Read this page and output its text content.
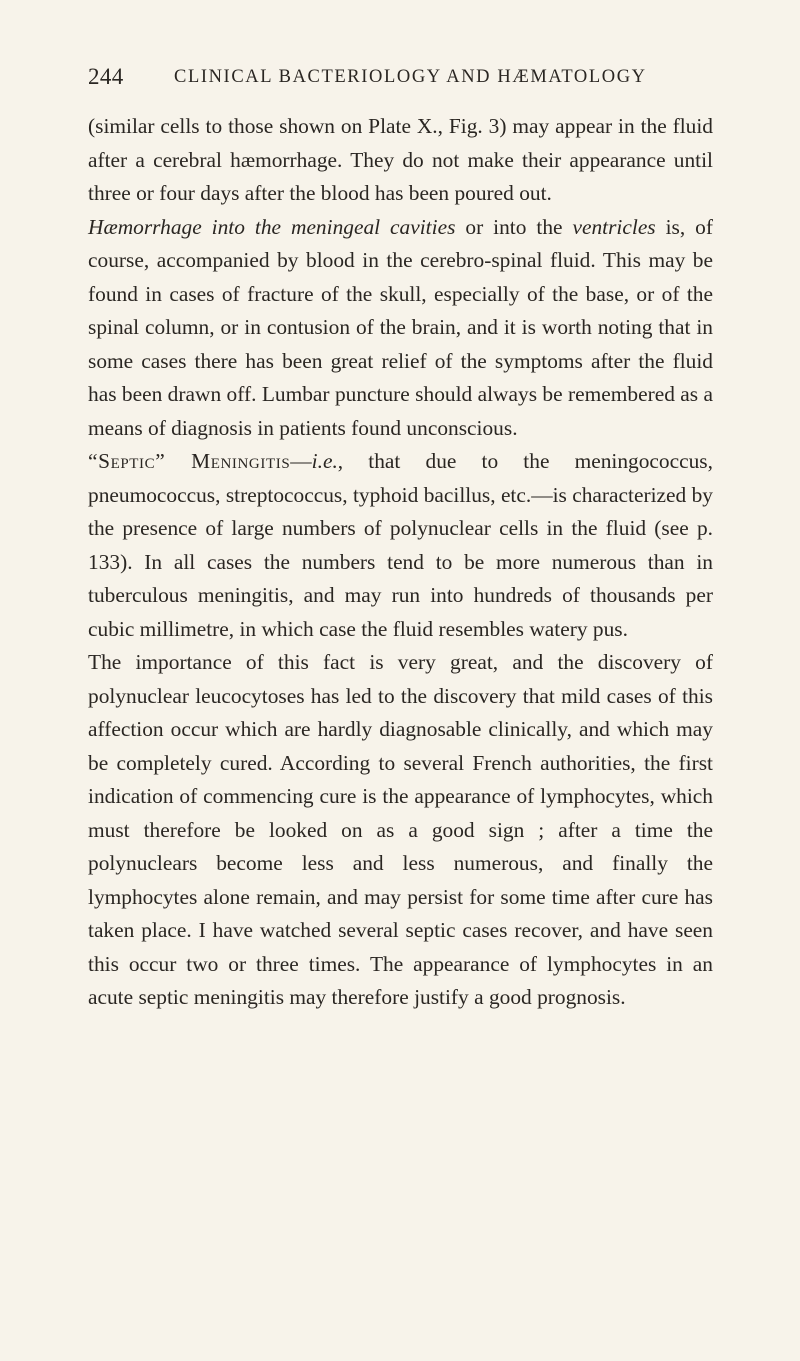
244	CLINICAL BACTERIOLOGY AND HÆMATOLOGY

(similar cells to those shown on Plate X., Fig. 3) may appear in the fluid after a cerebral hæmorrhage. They do not make their appearance until three or four days after the blood has been poured out.

Hæmorrhage into the meningeal cavities or into the ventricles is, of course, accompanied by blood in the cerebro-spinal fluid. This may be found in cases of fracture of the skull, especially of the base, or of the spinal column, or in contusion of the brain, and it is worth noting that in some cases there has been great relief of the symptoms after the fluid has been drawn off. Lumbar puncture should always be remembered as a means of diagnosis in patients found unconscious.

“Septic” Meningitis—i.e., that due to the meningococcus, pneumococcus, streptococcus, typhoid bacillus, etc.—is characterized by the presence of large numbers of polynuclear cells in the fluid (see p. 133). In all cases the numbers tend to be more numerous than in tuberculous meningitis, and may run into hundreds of thousands per cubic millimetre, in which case the fluid resembles watery pus.

The importance of this fact is very great, and the discovery of polynuclear leucocytoses has led to the discovery that mild cases of this affection occur which are hardly diagnosable clinically, and which may be completely cured. According to several French authorities, the first indication of commencing cure is the appearance of lymphocytes, which must therefore be looked on as a good sign ; after a time the polynuclears become less and less numerous, and finally the lymphocytes alone remain, and may persist for some time after cure has taken place. I have watched several septic cases recover, and have seen this occur two or three times. The appearance of lymphocytes in an acute septic meningitis may therefore justify a good prognosis.
